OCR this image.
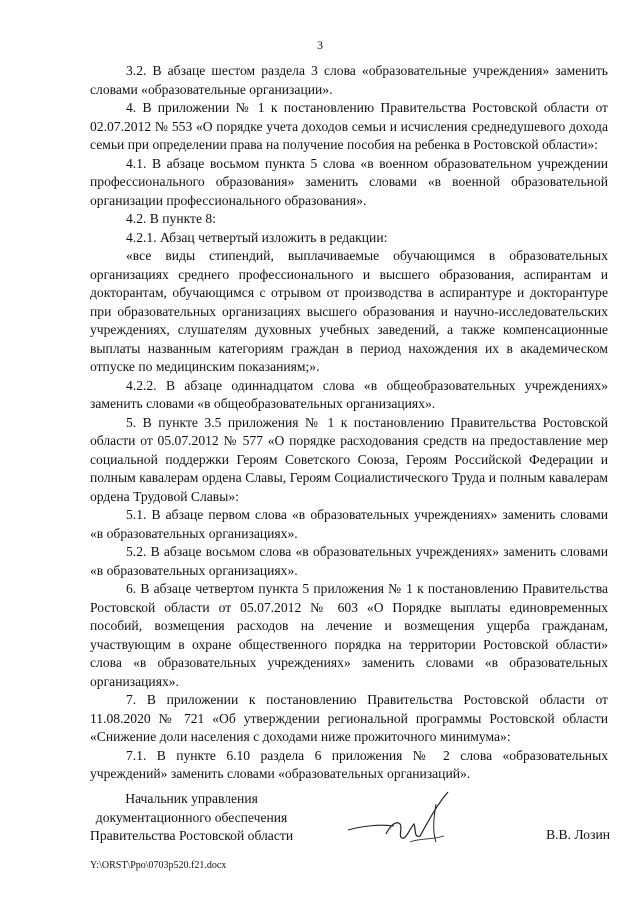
3

3.2. В абзаце шестом раздела 3 слова «образовательные учреждения» заменить словами «образовательные организации».

4. В приложении № 1 к постановлению Правительства Ростовской области от 02.07.2012 № 553 «О порядке учета доходов семьи и исчисления среднедушевого дохода семьи при определении права на получение пособия на ребенка в Ростовской области»:

4.1. В абзаце восьмом пункта 5 слова «в военном образовательном учреждении профессионального образования» заменить словами «в военной образовательной организации профессионального образования».

4.2. В пункте 8:

4.2.1. Абзац четвертый изложить в редакции:

«все виды стипендий, выплачиваемые обучающимся в образовательных организациях среднего профессионального и высшего образования, аспирантам и докторантам, обучающимся с отрывом от производства в аспирантуре и докторантуре при образовательных организациях высшего образования и научно-исследовательских учреждениях, слушателям духовных учебных заведений, а также компенсационные выплаты названным категориям граждан в период нахождения их в академическом отпуске по медицинским показаниям;».

4.2.2. В абзаце одиннадцатом слова «в общеобразовательных учреждениях» заменить словами «в общеобразовательных организациях».

5. В пункте 3.5 приложения № 1 к постановлению Правительства Ростовской области от 05.07.2012 № 577 «О порядке расходования средств на предоставление мер социальной поддержки Героям Советского Союза, Героям Российской Федерации и полным кавалерам ордена Славы, Героям Социалистического Труда и полным кавалерам ордена Трудовой Славы»:

5.1. В абзаце первом слова «в образовательных учреждениях» заменить словами «в образовательных организациях».

5.2. В абзаце восьмом слова «в образовательных учреждениях» заменить словами «в образовательных организациях».

6. В абзаце четвертом пункта 5 приложения № 1 к постановлению Правительства Ростовской области от 05.07.2012 № 603 «О Порядке выплаты единовременных пособий, возмещения расходов на лечение и возмещения ущерба гражданам, участвующим в охране общественного порядка на территории Ростовской области» слова «в образовательных учреждениях» заменить словами «в образовательных организациях».

7. В приложении к постановлению Правительства Ростовской области от 11.08.2020 № 721 «Об утверждении региональной программы Ростовской области «Снижение доли населения с доходами ниже прожиточного минимума»:

7.1. В пункте 6.10 раздела 6 приложения № 2 слова «образовательных учреждений» заменить словами «образовательных организаций».

Начальник управления
документационного обеспечения
Правительства Ростовской области	В.В. Лозин
Y:\ORST\Ppo\0703p520.f21.docx
